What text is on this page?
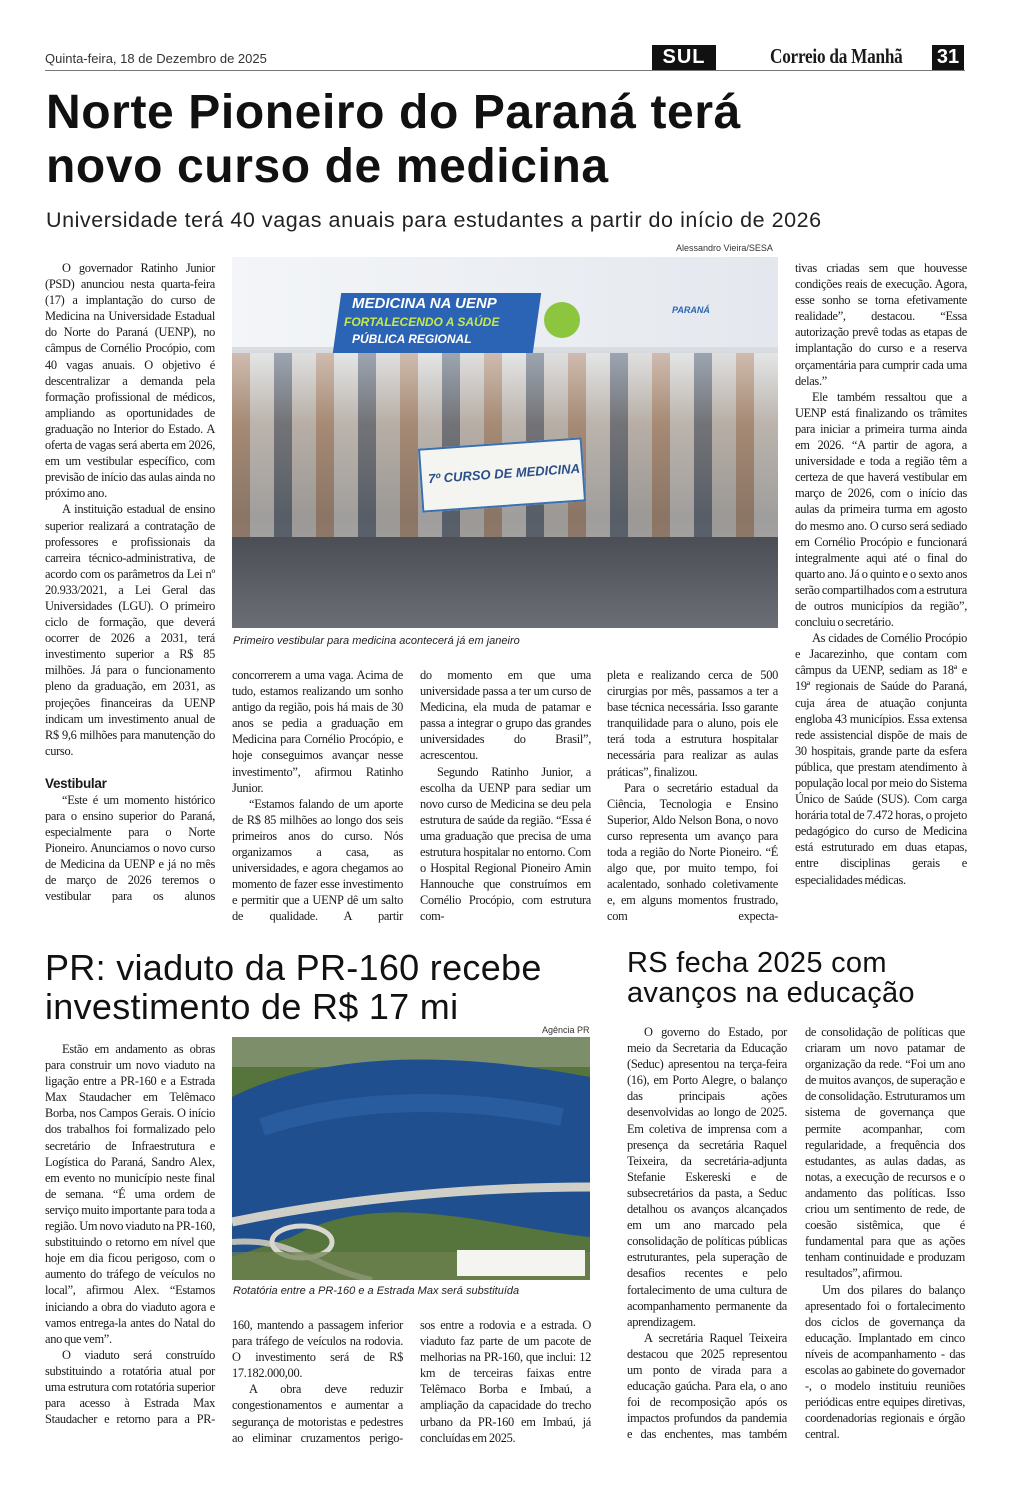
Quinta-feira, 18 de Dezembro de 2025	SUL	Correio da Manhã 31
Norte Pioneiro do Paraná terá
novo curso de medicina
Universidade terá 40 vagas anuais para estudantes a partir do início de 2026
Alessandro Vieira/SESA
MEDICINA NA UENP
FORTALECENDO A SAÚDE
PÚBLICA REGIONAL
PARANÁ
7º CURSO DE MEDICINA
Primeiro vestibular para medicina acontecerá já em janeiro

O governador Ratinho Junior (PSD) anunciou nesta quarta-feira (17) a implantação do curso de Medicina na Universidade Estadual do Norte do Paraná (UENP), no câmpus de Cornélio Procópio, com 40 vagas anuais. O objetivo é descentralizar a demanda pela formação profissional de médicos, ampliando as oportunidades de graduação no Interior do Estado. A oferta de vagas será aberta em 2026, em um vestibular específico, com previsão de início das aulas ainda no próximo ano.

A instituição estadual de ensino superior realizará a contratação de professores e profissionais da carreira técnico-administrativa, de acordo com os parâmetros da Lei nº 20.933/2021, a Lei Geral das Universidades (LGU). O primeiro ciclo de formação, que deverá ocorrer de 2026 a 2031, terá investimento superior a R$ 85 milhões. Já para o funcionamento pleno da graduação, em 2031, as projeções financeiras da UENP indicam um investimento anual de R$ 9,6 milhões para manutenção do curso.

Vestibular

“Este é um momento histórico para o ensino superior do Paraná, especialmente para o Norte Pioneiro. Anunciamos o novo curso de Medicina da UENP e já no mês de março de 2026 teremos o vestibular para os alunos

concorrerem a uma vaga. Acima de tudo, estamos realizando um sonho antigo da região, pois há mais de 30 anos se pedia a graduação em Medicina para Cornélio Procópio, e hoje conseguimos avançar nesse investimento”, afirmou Ratinho Junior.

“Estamos falando de um aporte de R$ 85 milhões ao longo dos seis primeiros anos do curso. Nós organizamos a casa, as universidades, e agora chegamos ao momento de fazer esse investimento e permitir que a UENP dê um salto de qualidade. A partir

do momento em que uma universidade passa a ter um curso de Medicina, ela muda de patamar e passa a integrar o grupo das grandes universidades do Brasil”, acrescentou.

Segundo Ratinho Junior, a escolha da UENP para sediar um novo curso de Medicina se deu pela estrutura de saúde da região. “Essa é uma graduação que precisa de uma estrutura hospitalar no entorno. Com o Hospital Regional Pioneiro Amin Hannouche que construímos em Cornélio Procópio, com estrutura com-

pleta e realizando cerca de 500 cirurgias por mês, passamos a ter a base técnica necessária. Isso garante tranquilidade para o aluno, pois ele terá toda a estrutura hospitalar necessária para realizar as aulas práticas”, finalizou.

Para o secretário estadual da Ciência, Tecnologia e Ensino Superior, Aldo Nelson Bona, o novo curso representa um avanço para toda a região do Norte Pioneiro. “É algo que, por muito tempo, foi acalentado, sonhado coletivamente e, em alguns momentos frustrado, com expecta-

tivas criadas sem que houvesse condições reais de execução. Agora, esse sonho se torna efetivamente realidade”, destacou. “Essa autorização prevê todas as etapas de implantação do curso e a reserva orçamentária para cumprir cada uma delas.”

Ele também ressaltou que a UENP está finalizando os trâmites para iniciar a primeira turma ainda em 2026. “A partir de agora, a universidade e toda a região têm a certeza de que haverá vestibular em março de 2026, com o início das aulas da primeira turma em agosto do mesmo ano. O curso será sediado em Cornélio Procópio e funcionará integralmente aqui até o final do quarto ano. Já o quinto e o sexto anos serão compartilhados com a estrutura de outros municípios da região”, concluiu o secretário.

As cidades de Cornélio Procópio e Jacarezinho, que contam com câmpus da UENP, sediam as 18ª e 19ª regionais de Saúde do Paraná, cuja área de atuação conjunta engloba 43 municípios. Essa extensa rede assistencial dispõe de mais de 30 hospitais, grande parte da esfera pública, que prestam atendimento à população local por meio do Sistema Único de Saúde (SUS). Com carga horária total de 7.472 horas, o projeto pedagógico do curso de Medicina está estruturado em duas etapas, entre disciplinas gerais e especialidades médicas.

PR: viaduto da PR-160 recebe
investimento de R$ 17 mi
Agência PR
Rotatória entre a PR-160 e a Estrada Max será substituída

Estão em andamento as obras para construir um novo viaduto na ligação entre a PR-160 e a Estrada Max Staudacher em Telêmaco Borba, nos Campos Gerais. O início dos trabalhos foi formalizado pelo secretário de Infraestrutura e Logística do Paraná, Sandro Alex, em evento no município neste final de semana. “É uma ordem de serviço muito importante para toda a região. Um novo viaduto na PR-160, substituindo o retorno em nível que hoje em dia ficou perigoso, com o aumento do tráfego de veículos no local”, afirmou Alex. “Estamos iniciando a obra do viaduto agora e vamos entrega-la antes do Natal do ano que vem”.

O viaduto será construído substituindo a rotatória atual por uma estrutura com rotatória superior para acesso à Estrada Max Staudacher e retorno para a PR-

160, mantendo a passagem inferior para tráfego de veículos na rodovia. O investimento será de R$ 17.182.000,00.

A obra deve reduzir congestionamentos e aumentar a segurança de motoristas e pedestres ao eliminar cruzamentos perigo-

sos entre a rodovia e a estrada. O viaduto faz parte de um pacote de melhorias na PR-160, que inclui: 12 km de terceiras faixas entre Telêmaco Borba e Imbaú, a ampliação da capacidade do trecho urbano da PR-160 em Imbaú, já concluídas em 2025.

RS fecha 2025 com
avanços na educação

O governo do Estado, por meio da Secretaria da Educação (Seduc) apresentou na terça-feira (16), em Porto Alegre, o balanço das principais ações desenvolvidas ao longo de 2025. Em coletiva de imprensa com a presença da secretária Raquel Teixeira, da secretária-adjunta Stefanie Eskereski e de subsecretários da pasta, a Seduc detalhou os avanços alcançados em um ano marcado pela consolidação de políticas públicas estruturantes, pela superação de desafios recentes e pelo fortalecimento de uma cultura de acompanhamento permanente da aprendizagem.

A secretária Raquel Teixeira destacou que 2025 representou um ponto de virada para a educação gaúcha. Para ela, o ano foi de recomposição após os impactos profundos da pandemia e das enchentes, mas também

de consolidação de políticas que criaram um novo patamar de organização da rede. “Foi um ano de muitos avanços, de superação e de consolidação. Estruturamos um sistema de governança que permite acompanhar, com regularidade, a frequência dos estudantes, as aulas dadas, as notas, a execução de recursos e o andamento das políticas. Isso criou um sentimento de rede, de coesão sistêmica, que é fundamental para que as ações tenham continuidade e produzam resultados”, afirmou.

Um dos pilares do balanço apresentado foi o fortalecimento dos ciclos de governança da educação. Implantado em cinco níveis de acompanhamento - das escolas ao gabinete do governador -, o modelo instituiu reuniões periódicas entre equipes diretivas, coordenadorias regionais e órgão central.
